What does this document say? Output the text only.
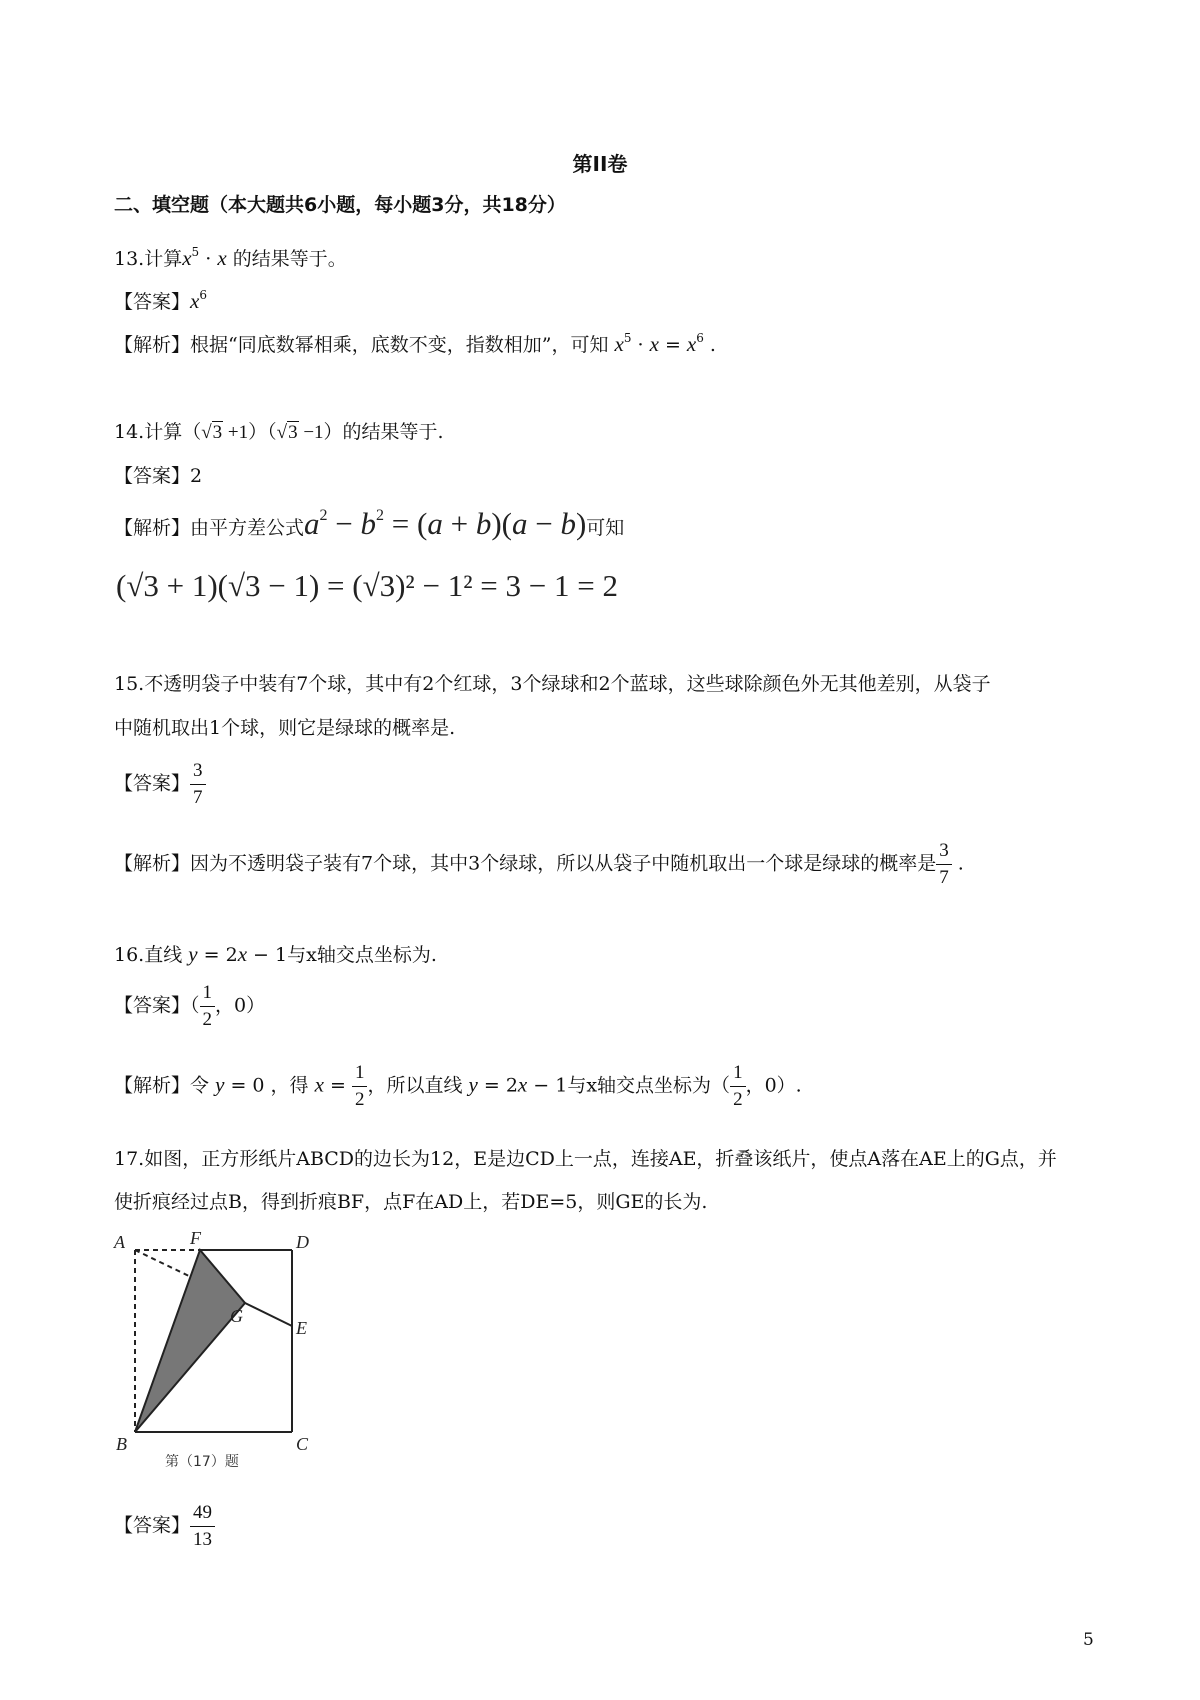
第II卷
二、填空题（本大题共6小题，每小题3分，共18分）
13.计算$x^5 \cdot x$ 的结果等于。
【答案】$x^6$
【解析】根据“同底数幂相乘，底数不变，指数相加”，可知 $x^5 \cdot x = x^6$ .
14.计算（√3 +1）（√3 −1）的结果等于.
【答案】2
【解析】由平方差公式$a^2 - b^2 = (a + b)(a - b)$可知
(√3 + 1)(√3 − 1) = (√3)² − 1² = 3 − 1 = 2
15.不透明袋子中装有7个球，其中有2个红球，3个绿球和2个蓝球，这些球除颜色外无其他差别，从袋子
中随机取出1个球，则它是绿球的概率是.
【答案】 $\frac{3}{7}$
【解析】因为不透明袋子装有7个球，其中3个绿球，所以从袋子中随机取出一个球是绿球的概率是 $\frac{3}{7}$ .
16.直线 y = 2x − 1与x轴交点坐标为.
【答案】（ $\frac{1}{2}$ ，0）
【解析】令 y = 0 ，得 $x = \frac{1}{2}$ ，所以直线 y = 2x − 1与x轴交点坐标为（ $\frac{1}{2}$ ，0）.
17.如图，正方形纸片ABCD的边长为12，E是边CD上一点，连接AE，折叠该纸片，使点A落在AE上的G点，并
使折痕经过点B，得到折痕BF，点F在AD上，若DE=5，则GE的长为.
A	F	D
G
E
B	C
第（17）题
【答案】 $\frac{49}{13}$
5
